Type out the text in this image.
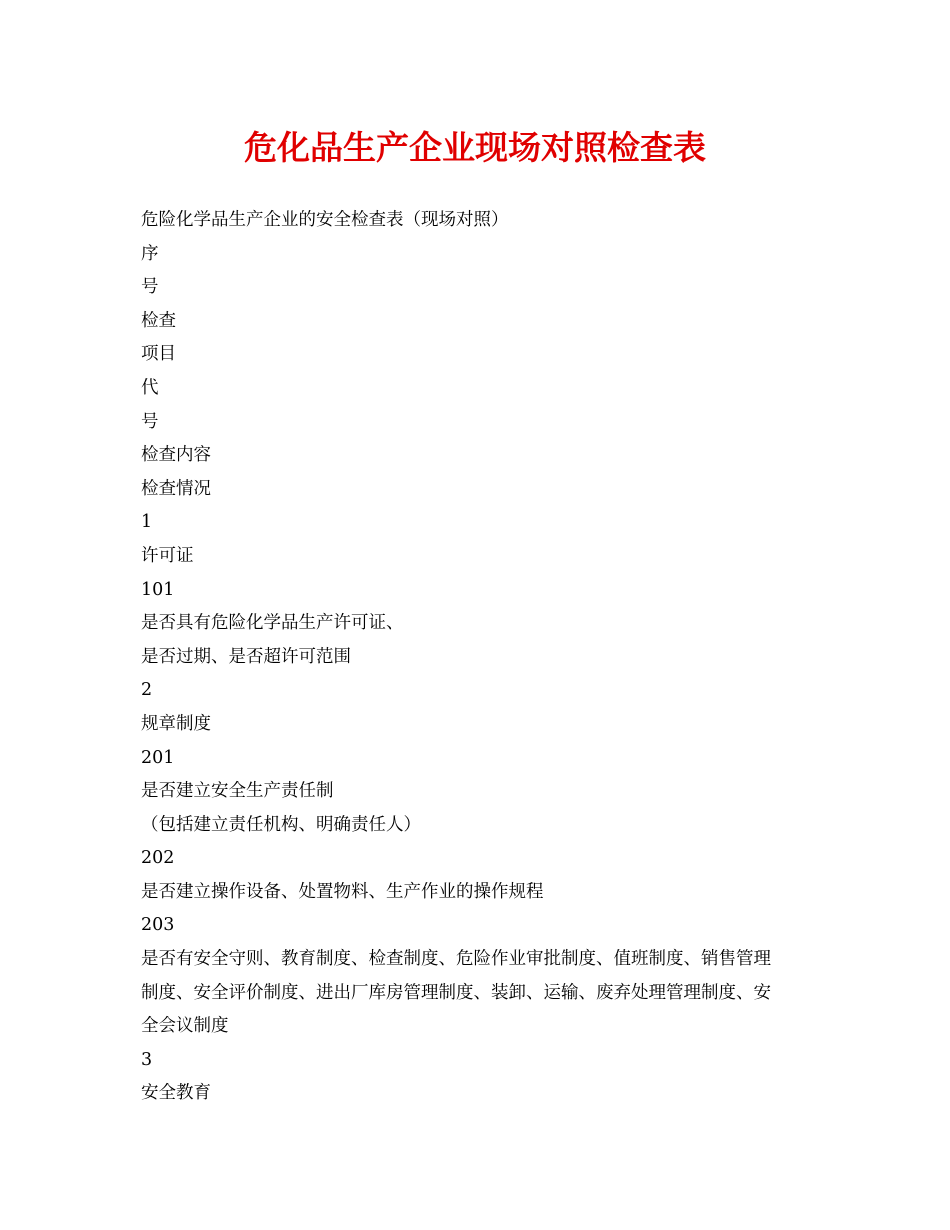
危化品生产企业现场对照检查表
危险化学品生产企业的安全检查表（现场对照）
序
号
检查
项目
代
号
检查内容
检查情况
1
许可证
101
是否具有危险化学品生产许可证、
是否过期、是否超许可范围
2
规章制度
201
是否建立安全生产责任制
（包括建立责任机构、明确责任人）
202
是否建立操作设备、处置物料、生产作业的操作规程
203
是否有安全守则、教育制度、检查制度、危险作业审批制度、值班制度、销售管理
制度、安全评价制度、进出厂库房管理制度、装卸、运输、废弃处理管理制度、安
全会议制度
3
安全教育
